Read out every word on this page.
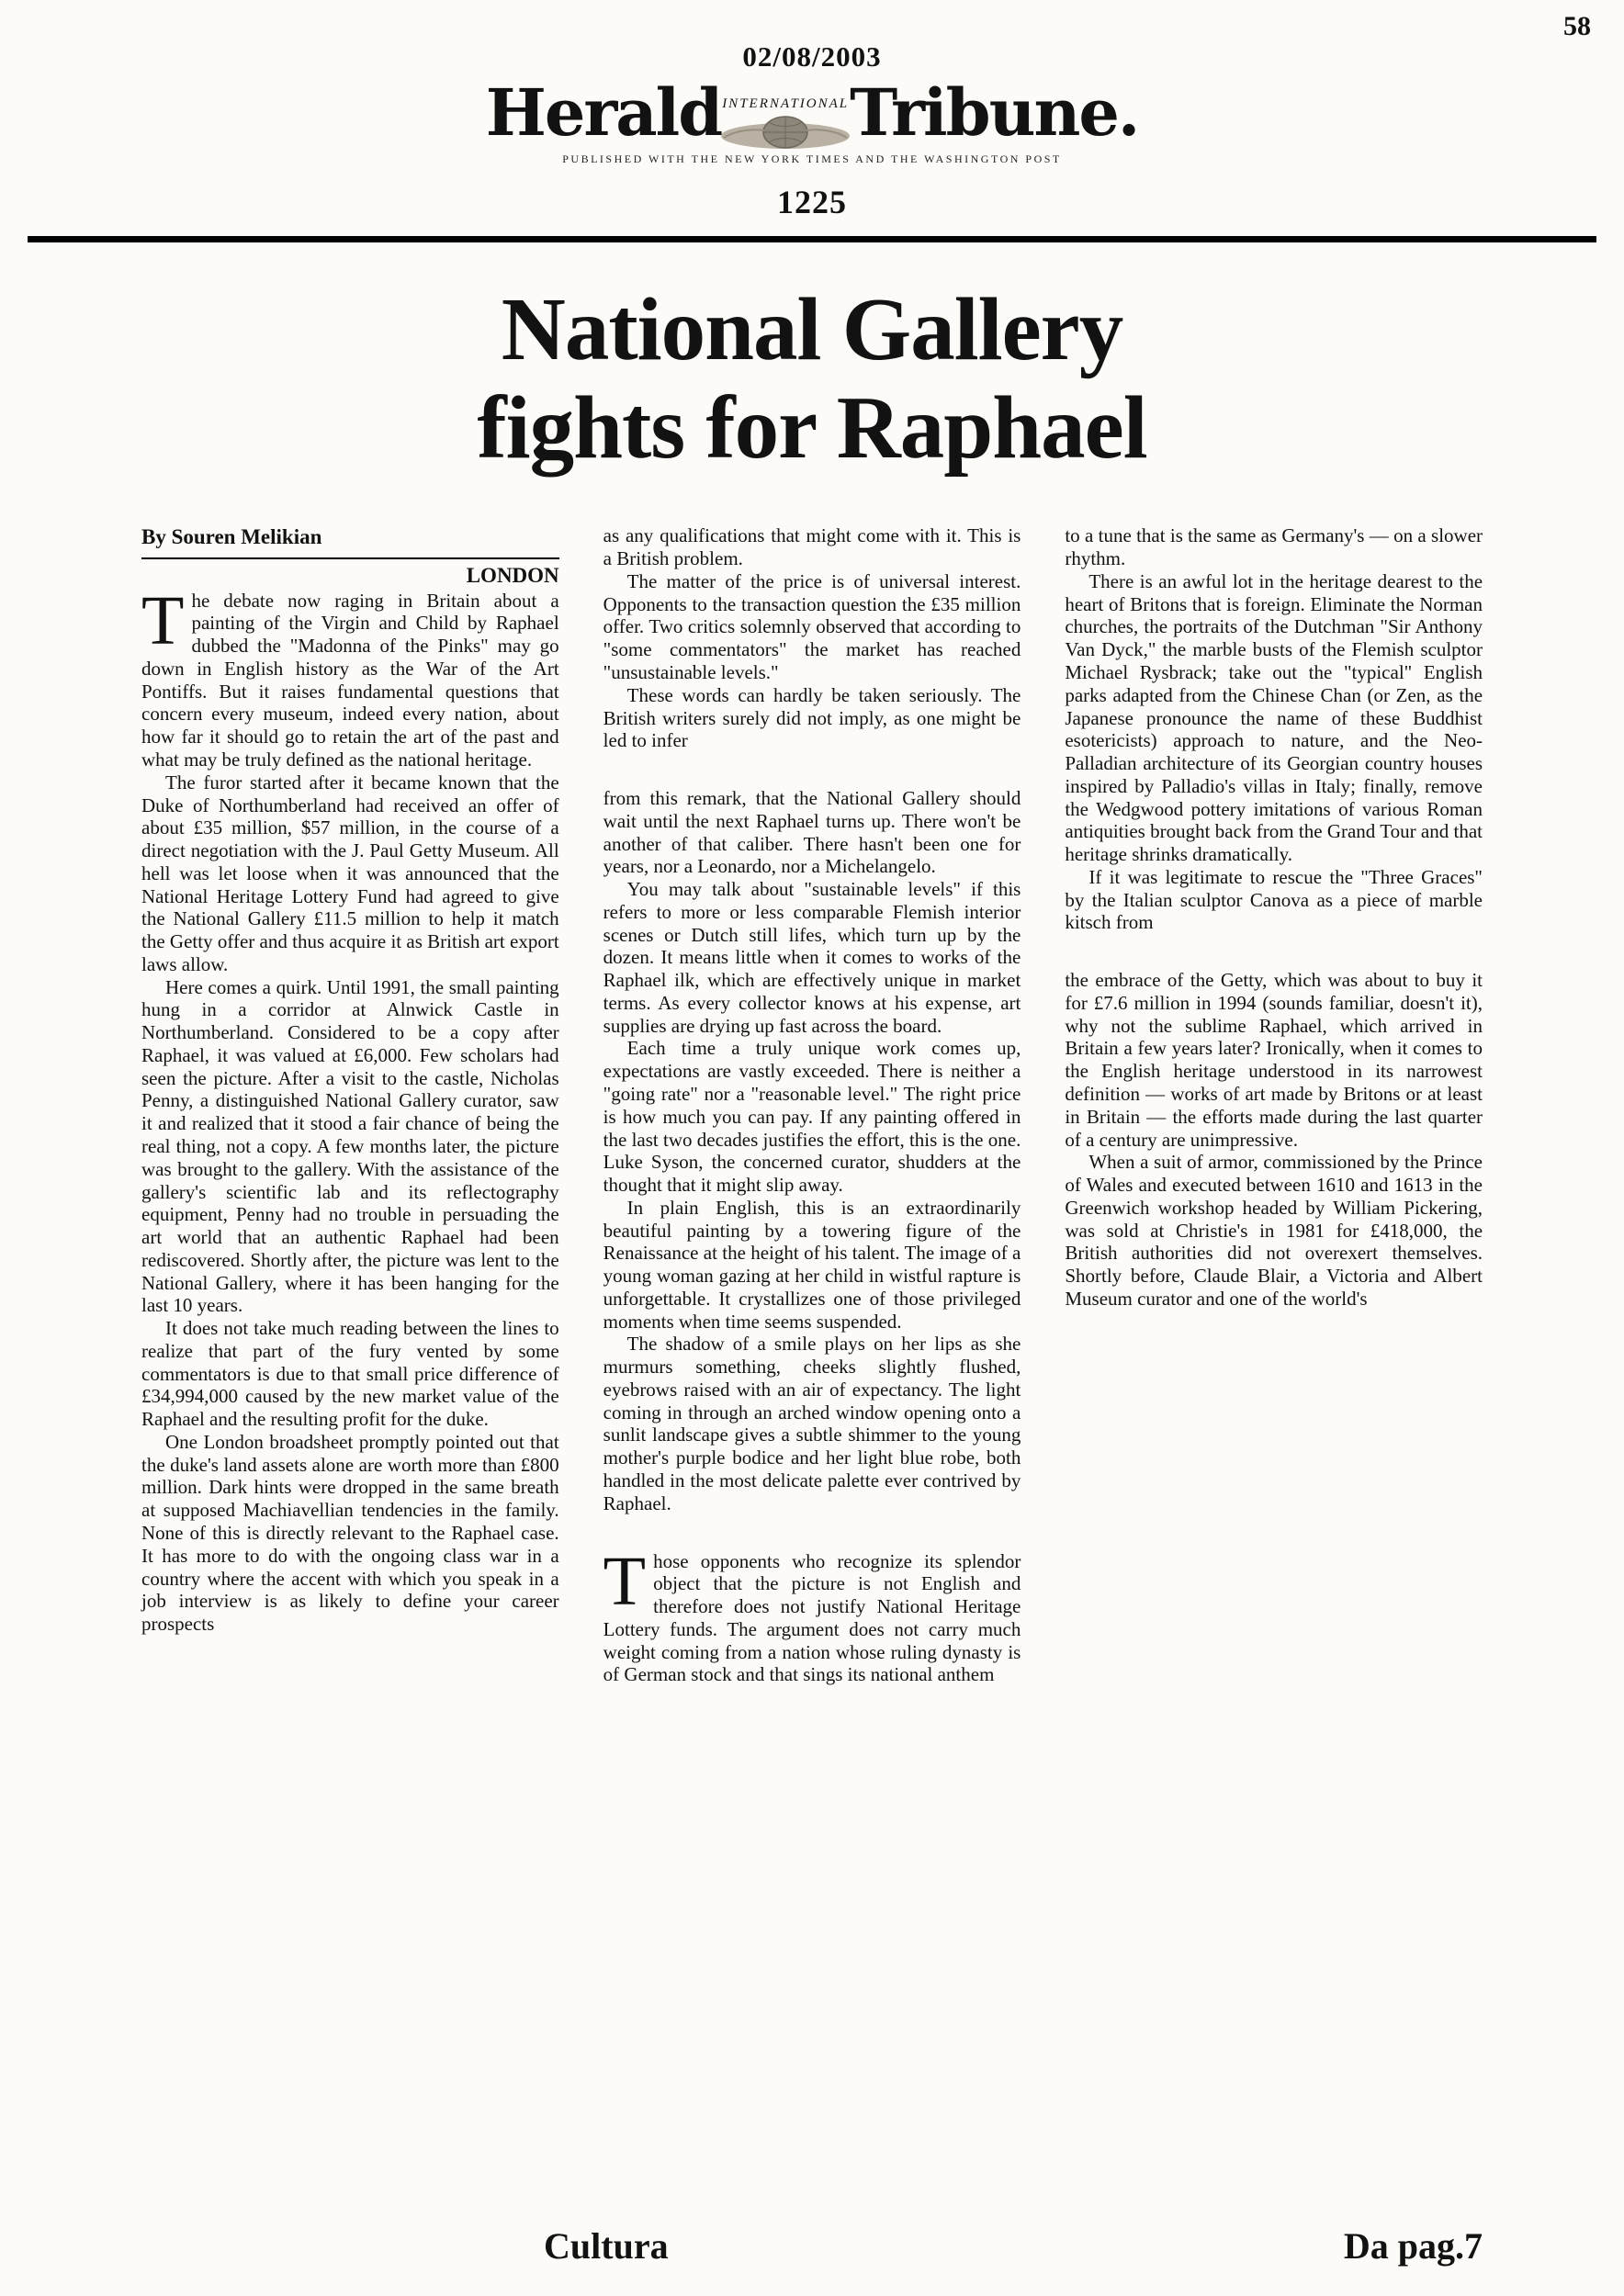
58
02/08/2003
Herald INTERNATIONAL Tribune.
PUBLISHED WITH THE NEW YORK TIMES AND THE WASHINGTON POST
1225
National Gallery
fights for Raphael
By Souren Melikian
LONDON

The debate now raging in Britain about a painting of the Virgin and Child by Raphael dubbed the "Madonna of the Pinks" may go down in English history as the War of the Art Pontiffs. But it raises fundamental questions that concern every museum, indeed every nation, about how far it should go to retain the art of the past and what may be truly defined as the national heritage.

The furor started after it became known that the Duke of Northumberland had received an offer of about £35 million, $57 million, in the course of a direct negotiation with the J. Paul Getty Museum. All hell was let loose when it was announced that the National Heritage Lottery Fund had agreed to give the National Gallery £11.5 million to help it match the Getty offer and thus acquire it as British art export laws allow.

Here comes a quirk. Until 1991, the small painting hung in a corridor at Alnwick Castle in Northumberland. Considered to be a copy after Raphael, it was valued at £6,000. Few scholars had seen the picture. After a visit to the castle, Nicholas Penny, a distinguished National Gallery curator, saw it and realized that it stood a fair chance of being the real thing, not a copy. A few months later, the picture was brought to the gallery. With the assistance of the gallery's scientific lab and its reflectography equipment, Penny had no trouble in persuading the art world that an authentic Raphael had been rediscovered. Shortly after, the picture was lent to the National Gallery, where it has been hanging for the last 10 years.

It does not take much reading between the lines to realize that part of the fury vented by some commentators is due to that small price difference of £34,994,000 caused by the new market value of the Raphael and the resulting profit for the duke.

One London broadsheet promptly pointed out that the duke's land assets alone are worth more than £800 million. Dark hints were dropped in the same breath at supposed Machiavellian tendencies in the family. None of this is directly relevant to the Raphael case. It has more to do with the ongoing class war in a country where the accent with which you speak in a job interview is as likely to define your career prospects

as any qualifications that might come with it. This is a British problem.

The matter of the price is of universal interest. Opponents to the transaction question the £35 million offer. Two critics solemnly observed that according to "some commentators" the market has reached "unsustainable levels."

These words can hardly be taken seriously. The British writers surely did not imply, as one might be led to infer

from this remark, that the National Gallery should wait until the next Raphael turns up. There won't be another of that caliber. There hasn't been one for years, nor a Leonardo, nor a Michelangelo.

You may talk about "sustainable levels" if this refers to more or less comparable Flemish interior scenes or Dutch still lifes, which turn up by the dozen. It means little when it comes to works of the Raphael ilk, which are effectively unique in market terms. As every collector knows at his expense, art supplies are drying up fast across the board.

Each time a truly unique work comes up, expectations are vastly exceeded. There is neither a "going rate" nor a "reasonable level." The right price is how much you can pay. If any painting offered in the last two decades justifies the effort, this is the one. Luke Syson, the concerned curator, shudders at the thought that it might slip away.

In plain English, this is an extraordinarily beautiful painting by a towering figure of the Renaissance at the height of his talent. The image of a young woman gazing at her child in wistful rapture is unforgettable. It crystallizes one of those privileged moments when time seems suspended.

The shadow of a smile plays on her lips as she murmurs something, cheeks slightly flushed, eyebrows raised with an air of expectancy. The light coming in through an arched window opening onto a sunlit landscape gives a subtle shimmer to the young mother's purple bodice and her light blue robe, both handled in the most delicate palette ever contrived by Raphael.

Those opponents who recognize its splendor object that the picture is not English and therefore does not justify National Heritage Lottery funds. The argument does not carry much weight coming from a nation whose ruling dynasty is of German stock and that sings its national anthem

to a tune that is the same as Germany's — on a slower rhythm.

There is an awful lot in the heritage dearest to the heart of Britons that is foreign. Eliminate the Norman churches, the portraits of the Dutchman "Sir Anthony Van Dyck," the marble busts of the Flemish sculptor Michael Rysbrack; take out the "typical" English parks adapted from the Chinese Chan (or Zen, as the Japanese pronounce the name of these Buddhist esotericists) approach to nature, and the Neo-Palladian architecture of its Georgian country houses inspired by Palladio's villas in Italy; finally, remove the Wedgwood pottery imitations of various Roman antiquities brought back from the Grand Tour and that heritage shrinks dramatically.

If it was legitimate to rescue the "Three Graces" by the Italian sculptor Canova as a piece of marble kitsch from

the embrace of the Getty, which was about to buy it for £7.6 million in 1994 (sounds familiar, doesn't it), why not the sublime Raphael, which arrived in Britain a few years later? Ironically, when it comes to the English heritage understood in its narrowest definition — works of art made by Britons or at least in Britain — the efforts made during the last quarter of a century are unimpressive.

When a suit of armor, commissioned by the Prince of Wales and executed between 1610 and 1613 in the Greenwich workshop headed by William Pickering, was sold at Christie's in 1981 for £418,000, the British authorities did not overexert themselves. Shortly before, Claude Blair, a Victoria and Albert Museum curator and one of the world's

Cultura	Da pag.7
